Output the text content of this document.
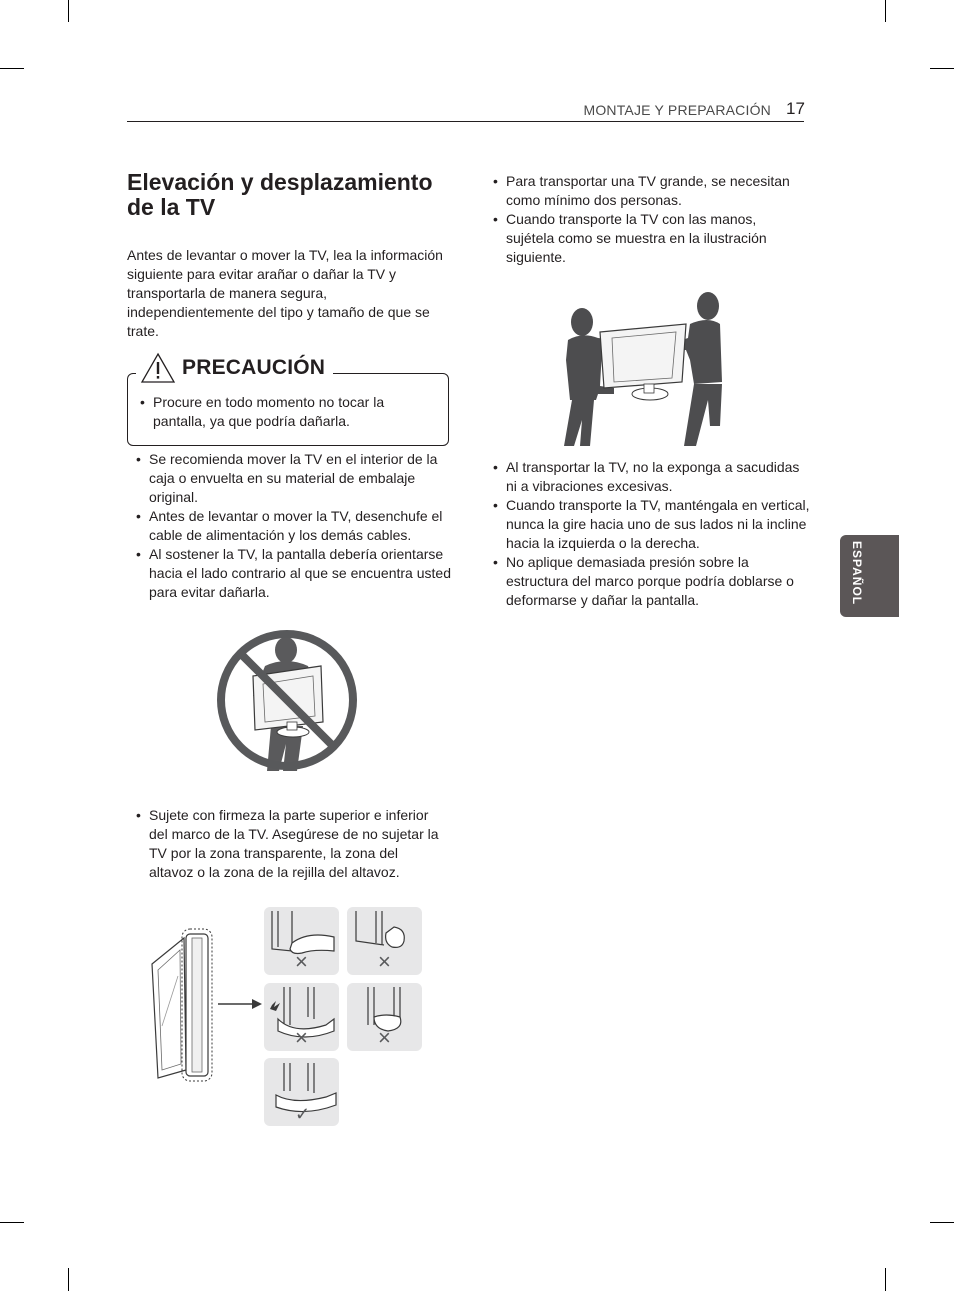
MONTAJE Y PREPARACIÓN 17
Elevación y desplazamiento de la TV
Antes de levantar o mover la TV, lea la información siguiente para evitar arañar o dañar la TV y transportarla de manera segura, independientemente del tipo y tamaño de que se trate.
PRECAUCIÓN
• Procure en todo momento no tocar la pantalla, ya que podría dañarla.
• Se recomienda mover la TV en el interior de la caja o envuelta en su material de embalaje original.
• Antes de levantar o mover la TV, desenchufe el cable de alimentación y los demás cables.
• Al sostener la TV, la pantalla debería orientarse hacia el lado contrario al que se encuentra usted para evitar dañarla.
• Sujete con firmeza la parte superior e inferior del marco de la TV. Asegúrese de no sujetar la TV por la zona transparente, la zona del altavoz o la zona de la rejilla del altavoz.
×	×
×	×
✓
• Para transportar una TV grande, se necesitan como mínimo dos personas.
• Cuando transporte la TV con las manos, sujétela como se muestra en la ilustración siguiente.
• Al transportar la TV, no la exponga a sacudidas ni a vibraciones excesivas.
• Cuando transporte la TV, manténgala en vertical, nunca la gire hacia uno de sus lados ni la incline hacia la izquierda o la derecha.
• No aplique demasiada presión sobre la estructura del marco porque podría doblarse o deformarse y dañar la pantalla.	ESPAÑOL
